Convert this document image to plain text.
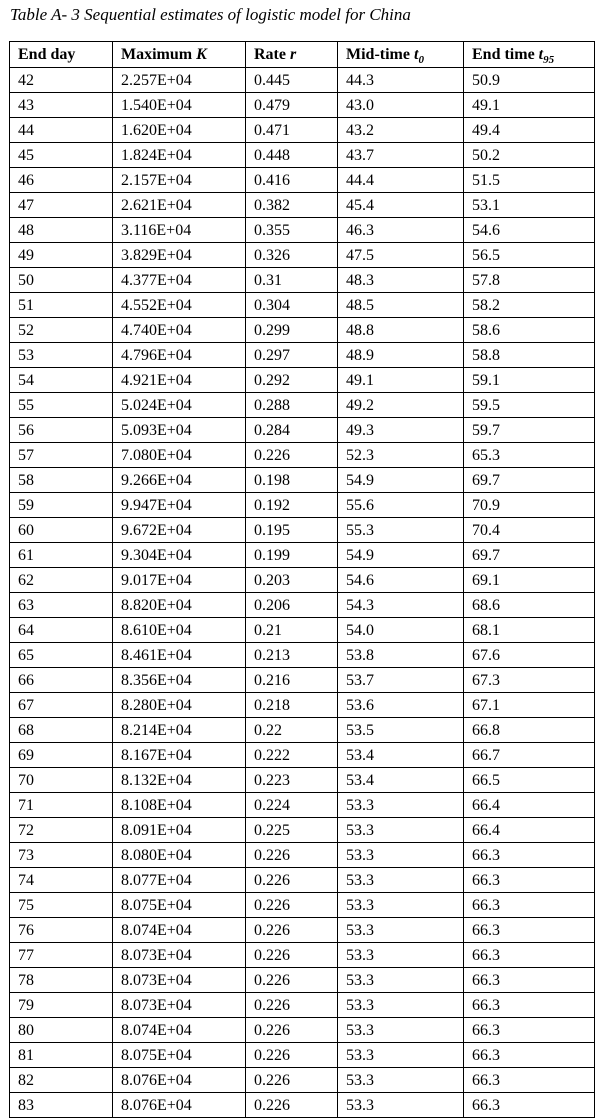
Table A- 3 Sequential estimates of logistic model for China
End day	Maximum K	Rate r	Mid-time $t_0$	End time $t_{95}$
42	2.257E+04	0.445	44.3	50.9
43	1.540E+04	0.479	43.0	49.1
44	1.620E+04	0.471	43.2	49.4
45	1.824E+04	0.448	43.7	50.2
46	2.157E+04	0.416	44.4	51.5
47	2.621E+04	0.382	45.4	53.1
48	3.116E+04	0.355	46.3	54.6
49	3.829E+04	0.326	47.5	56.5
50	4.377E+04	0.31	48.3	57.8
51	4.552E+04	0.304	48.5	58.2
52	4.740E+04	0.299	48.8	58.6
53	4.796E+04	0.297	48.9	58.8
54	4.921E+04	0.292	49.1	59.1
55	5.024E+04	0.288	49.2	59.5
56	5.093E+04	0.284	49.3	59.7
57	7.080E+04	0.226	52.3	65.3
58	9.266E+04	0.198	54.9	69.7
59	9.947E+04	0.192	55.6	70.9
60	9.672E+04	0.195	55.3	70.4
61	9.304E+04	0.199	54.9	69.7
62	9.017E+04	0.203	54.6	69.1
63	8.820E+04	0.206	54.3	68.6
64	8.610E+04	0.21	54.0	68.1
65	8.461E+04	0.213	53.8	67.6
66	8.356E+04	0.216	53.7	67.3
67	8.280E+04	0.218	53.6	67.1
68	8.214E+04	0.22	53.5	66.8
69	8.167E+04	0.222	53.4	66.7
70	8.132E+04	0.223	53.4	66.5
71	8.108E+04	0.224	53.3	66.4
72	8.091E+04	0.225	53.3	66.4
73	8.080E+04	0.226	53.3	66.3
74	8.077E+04	0.226	53.3	66.3
75	8.075E+04	0.226	53.3	66.3
76	8.074E+04	0.226	53.3	66.3
77	8.073E+04	0.226	53.3	66.3
78	8.073E+04	0.226	53.3	66.3
79	8.073E+04	0.226	53.3	66.3
80	8.074E+04	0.226	53.3	66.3
81	8.075E+04	0.226	53.3	66.3
82	8.076E+04	0.226	53.3	66.3
83	8.076E+04	0.226	53.3	66.3
